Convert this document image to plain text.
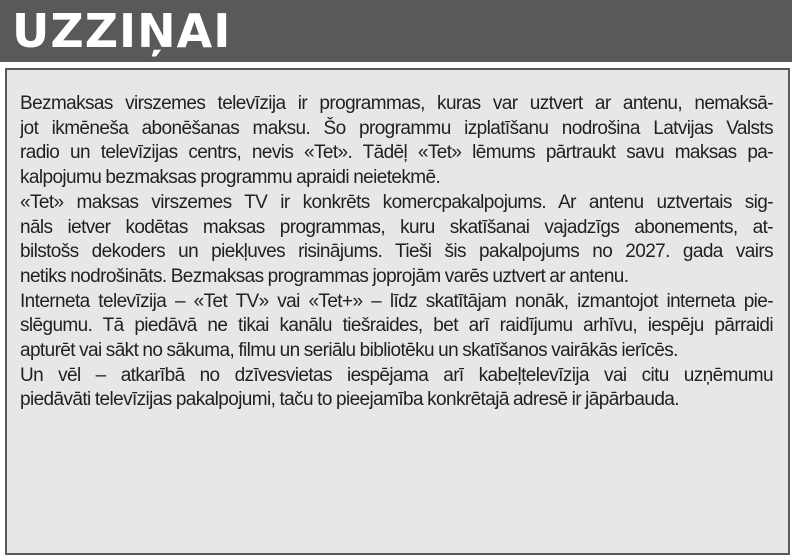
UZZIŅAI
Bezmaksas virszemes televīzija ir programmas, kuras var uztvert ar antenu, nemaksā-
jot ikmēneša abonēšanas maksu. Šo programmu izplatīšanu nodrošina Latvijas Valsts
radio un televīzijas centrs, nevis «Tet». Tādēļ «Tet» lēmums pārtraukt savu maksas pa-
kalpojumu bezmaksas programmu apraidi neietekmē.
«Tet» maksas virszemes TV ir konkrēts komercpakalpojums. Ar antenu uztvertais sig-
nāls ietver kodētas maksas programmas, kuru skatīšanai vajadzīgs abonements, at-
bilstošs dekoders un piekļuves risinājums. Tieši šis pakalpojums no 2027. gada vairs
netiks nodrošināts. Bezmaksas programmas joprojām varēs uztvert ar antenu.
Interneta televīzija – «Tet TV» vai «Tet+» – līdz skatītājam nonāk, izmantojot interneta pie-
slēgumu. Tā piedāvā ne tikai kanālu tiešraides, bet arī raidījumu arhīvu, iespēju pārraidi
apturēt vai sākt no sākuma, filmu un seriālu bibliotēku un skatīšanos vairākās ierīcēs.
Un vēl – atkarībā no dzīvesvietas iespējama arī kabeļtelevīzija vai citu uzņēmumu
piedāvāti televīzijas pakalpojumi, taču to pieejamība konkrētajā adresē ir jāpārbauda.
